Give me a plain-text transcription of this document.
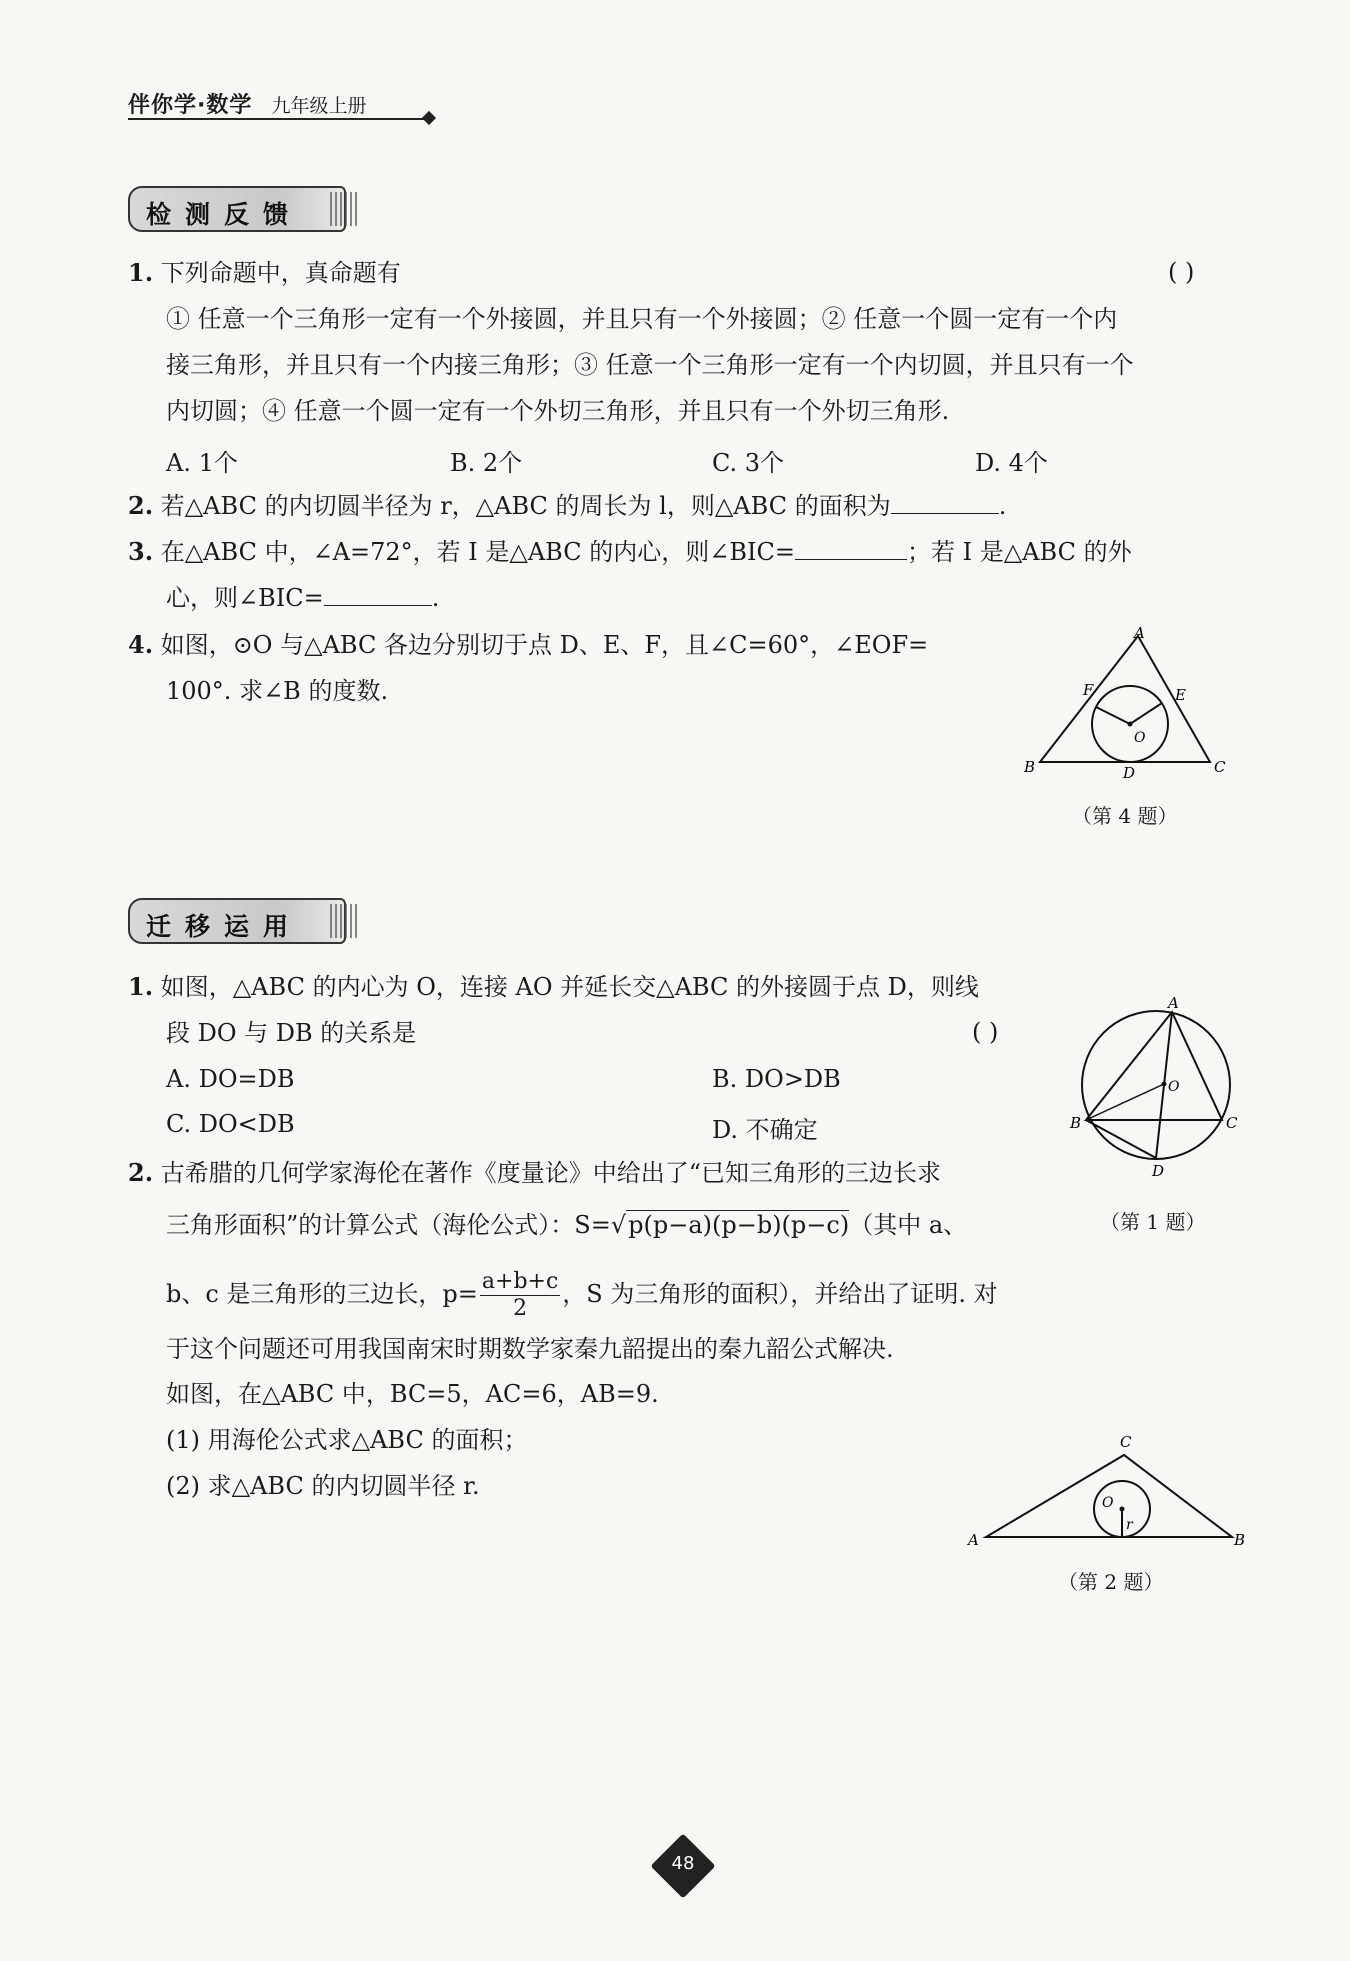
伴你学·数学 九年级上册
检测反馈
1. 下列命题中，真命题有	( )
① 任意一个三角形一定有一个外接圆，并且只有一个外接圆；② 任意一个圆一定有一个内
接三角形，并且只有一个内接三角形；③ 任意一个三角形一定有一个内切圆，并且只有一个
内切圆；④ 任意一个圆一定有一个外切三角形，并且只有一个外切三角形.
A. 1个	B. 2个	C. 3个	D. 4个
2. 若△ABC 的内切圆半径为 r，△ABC 的周长为 l，则△ABC 的面积为	.
3. 在△ABC 中，∠A=72°，若 I 是△ABC 的内心，则∠BIC=	；若 I 是△ABC 的外
心，则∠BIC=	.
4. 如图，⊙O 与△ABC 各边分别切于点 D、E、F，且∠C=60°，∠EOF=
100°. 求∠B 的度数.
A
B	C
D
E
F
O
（第 4 题）
迁移运用
1. 如图，△ABC 的内心为 O，连接 AO 并延长交△ABC 的外接圆于点 D，则线
段 DO 与 DB 的关系是	( )
A. DO=DB	B. DO>DB
C. DO<DB	D. 不确定
A
B	C
D
O
（第 1 题）
2. 古希腊的几何学家海伦在著作《度量论》中给出了“已知三角形的三边长求
三角形面积”的计算公式（海伦公式）：S=√p(p−a)(p−b)(p−c)（其中 a、
b、c 是三角形的三边长，$p= \frac{a+b+c}{2}$ ，S 为三角形的面积），并给出了证明. 对
于这个问题还可用我国南宋时期数学家秦九韶提出的秦九韶公式解决.
如图，在△ABC 中，BC=5，AC=6，AB=9.
(1) 用海伦公式求△ABC 的面积；
(2) 求△ABC 的内切圆半径 r.
C
A	B
O
r
（第 2 题）
48
